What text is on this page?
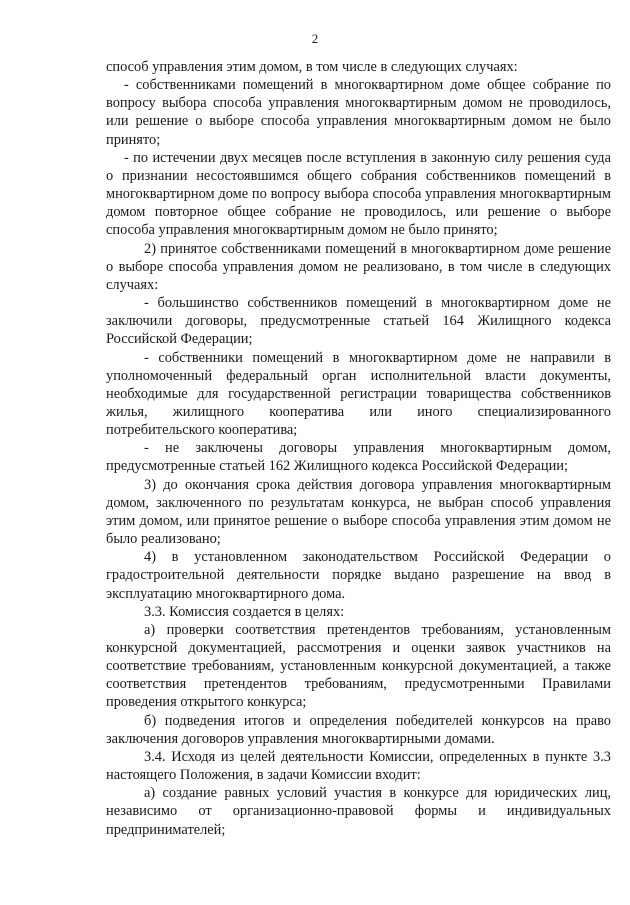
2

способ управления этим домом, в том числе в следующих случаях:

- собственниками помещений в многоквартирном доме общее собрание по вопросу выбора способа управления многоквартирным домом не проводилось, или решение о выборе способа управления многоквартирным домом не было принято;

- по истечении двух месяцев после вступления в законную силу решения суда о признании несостоявшимся общего собрания собственников помещений в многоквартирном доме по вопросу выбора способа управления многоквартирным домом повторное общее собрание не проводилось, или решение о выборе способа управления многоквартирным домом не было принято;

2) принятое собственниками помещений в многоквартирном доме решение о выборе способа управления домом не реализовано, в том числе в следующих случаях:

- большинство собственников помещений в многоквартирном доме не заключили договоры, предусмотренные статьей 164 Жилищного кодекса Российской Федерации;

- собственники помещений в многоквартирном доме не направили в уполномоченный федеральный орган исполнительной власти документы, необходимые для государственной регистрации товарищества собственников жилья, жилищного кооператива или иного специализированного потребительского кооператива;

- не заключены договоры управления многоквартирным домом, предусмотренные статьей 162 Жилищного кодекса Российской Федерации;

3) до окончания срока действия договора управления многоквартирным домом, заключенного по результатам конкурса, не выбран способ управления этим домом, или принятое решение о выборе способа управления этим домом не было реализовано;

4) в установленном законодательством Российской Федерации о градостроительной деятельности порядке выдано разрешение на ввод в эксплуатацию многоквартирного дома.

3.3. Комиссия создается в целях:

а) проверки соответствия претендентов требованиям, установленным конкурсной документацией, рассмотрения и оценки заявок участников на соответствие требованиям, установленным конкурсной документацией, а также соответствия претендентов требованиям, предусмотренными Правилами проведения открытого конкурса;

б) подведения итогов и определения победителей конкурсов на право заключения договоров управления многоквартирными домами.

3.4. Исходя из целей деятельности Комиссии, определенных в пункте 3.3 настоящего Положения, в задачи Комиссии входит:

а) создание равных условий участия в конкурсе для юридических лиц, независимо от организационно-правовой формы и индивидуальных предпринимателей;
